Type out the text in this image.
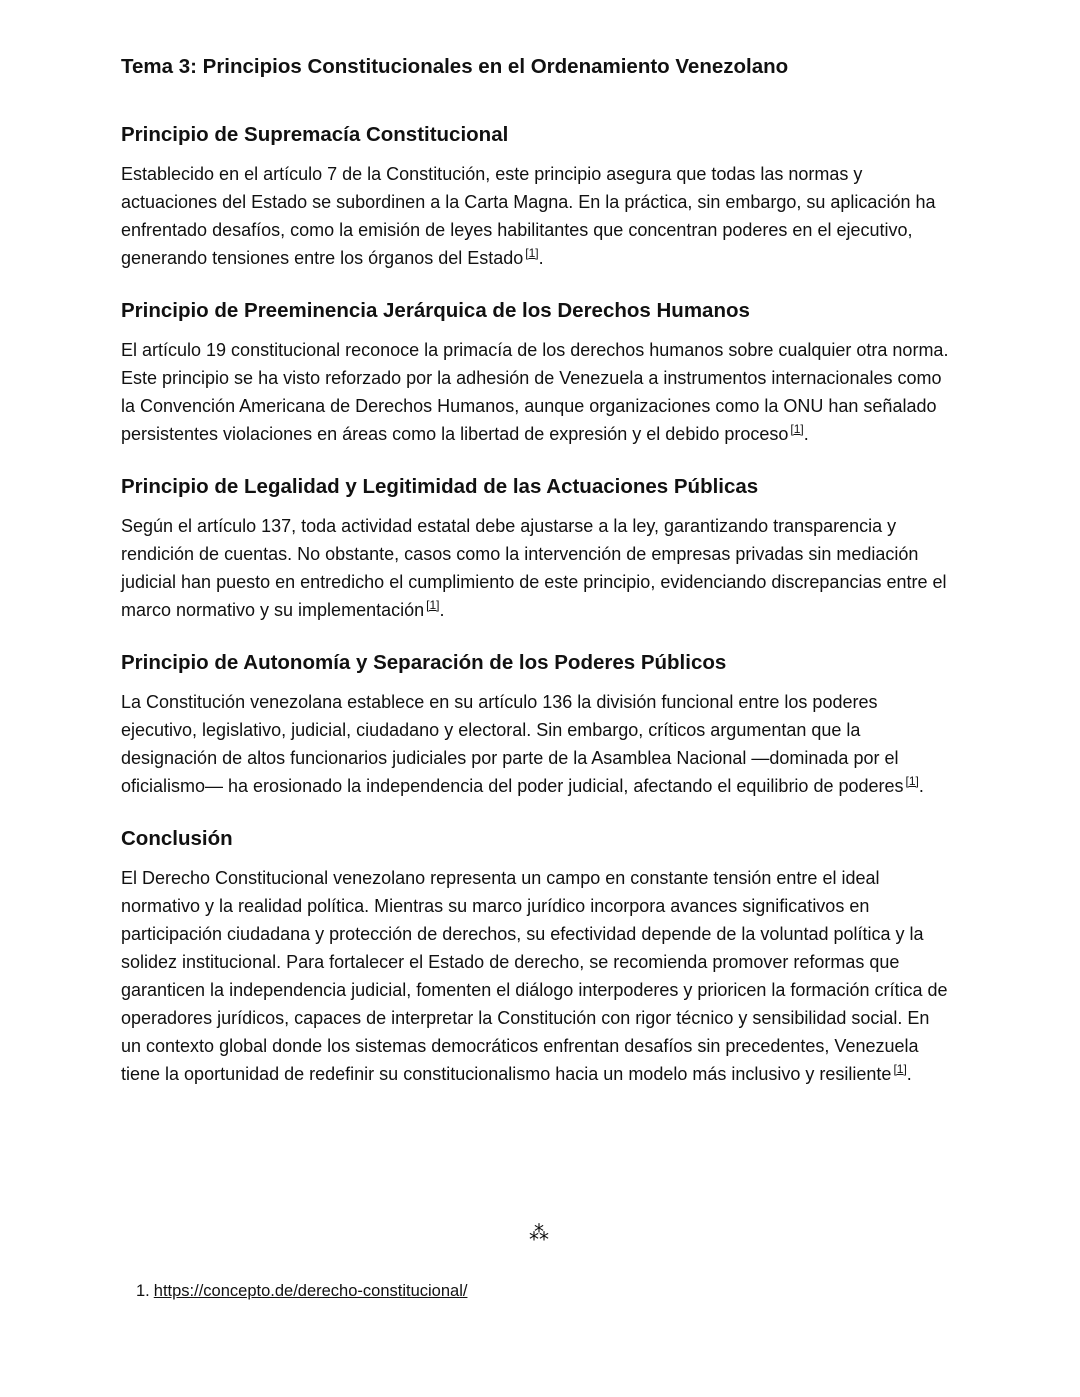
Tema 3: Principios Constitucionales en el Ordenamiento Venezolano
Principio de Supremacía Constitucional

Establecido en el artículo 7 de la Constitución, este principio asegura que todas las normas y actuaciones del Estado se subordinen a la Carta Magna. En la práctica, sin embargo, su aplicación ha enfrentado desafíos, como la emisión de leyes habilitantes que concentran poderes en el ejecutivo, generando tensiones entre los órganos del Estado [1].

Principio de Preeminencia Jerárquica de los Derechos Humanos

El artículo 19 constitucional reconoce la primacía de los derechos humanos sobre cualquier otra norma. Este principio se ha visto reforzado por la adhesión de Venezuela a instrumentos internacionales como la Convención Americana de Derechos Humanos, aunque organizaciones como la ONU han señalado persistentes violaciones en áreas como la libertad de expresión y el debido proceso [1].

Principio de Legalidad y Legitimidad de las Actuaciones Públicas

Según el artículo 137, toda actividad estatal debe ajustarse a la ley, garantizando transparencia y rendición de cuentas. No obstante, casos como la intervención de empresas privadas sin mediación judicial han puesto en entredicho el cumplimiento de este principio, evidenciando discrepancias entre el marco normativo y su implementación [1].

Principio de Autonomía y Separación de los Poderes Públicos

La Constitución venezolana establece en su artículo 136 la división funcional entre los poderes ejecutivo, legislativo, judicial, ciudadano y electoral. Sin embargo, críticos argumentan que la designación de altos funcionarios judiciales por parte de la Asamblea Nacional —dominada por el oficialismo— ha erosionado la independencia del poder judicial, afectando el equilibrio de poderes [1].

Conclusión

El Derecho Constitucional venezolano representa un campo en constante tensión entre el ideal normativo y la realidad política. Mientras su marco jurídico incorpora avances significativos en participación ciudadana y protección de derechos, su efectividad depende de la voluntad política y la solidez institucional. Para fortalecer el Estado de derecho, se recomienda promover reformas que garanticen la independencia judicial, fomenten el diálogo interpoderes y prioricen la formación crítica de operadores jurídicos, capaces de interpretar la Constitución con rigor técnico y sensibilidad social. En un contexto global donde los sistemas democráticos enfrentan desafíos sin precedentes, Venezuela tiene la oportunidad de redefinir su constitucionalismo hacia un modelo más inclusivo y resiliente [1].

⁂
1. https://concepto.de/derecho-constitucional/
